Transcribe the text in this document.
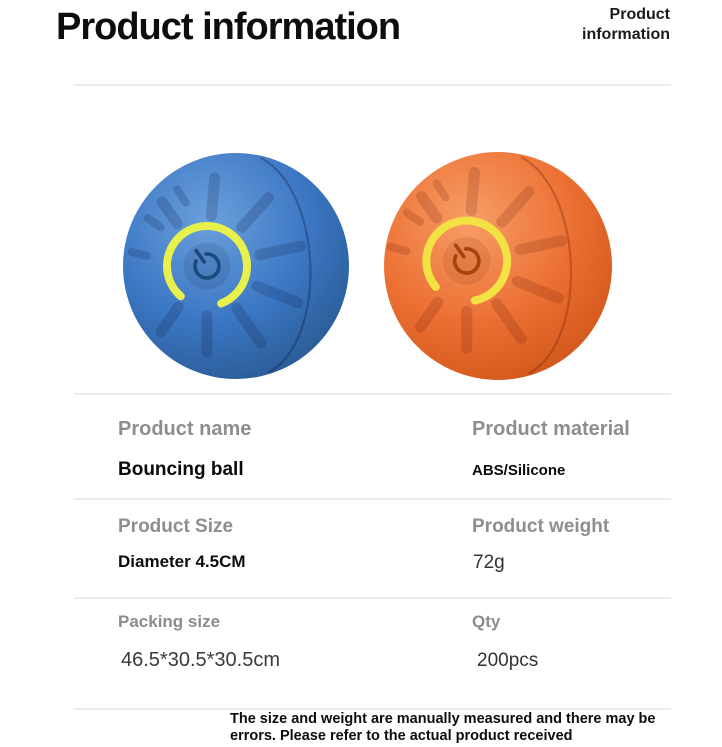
Product information	Product
information
Product name	Product material
Bouncing ball	ABS/Silicone
Product Size	Product weight
Diameter 4.5CM	72g
Packing size	Qty
46.5*30.5*30.5cm	200pcs
The size and weight are manually measured and there may be
errors. Please refer to the actual product received
